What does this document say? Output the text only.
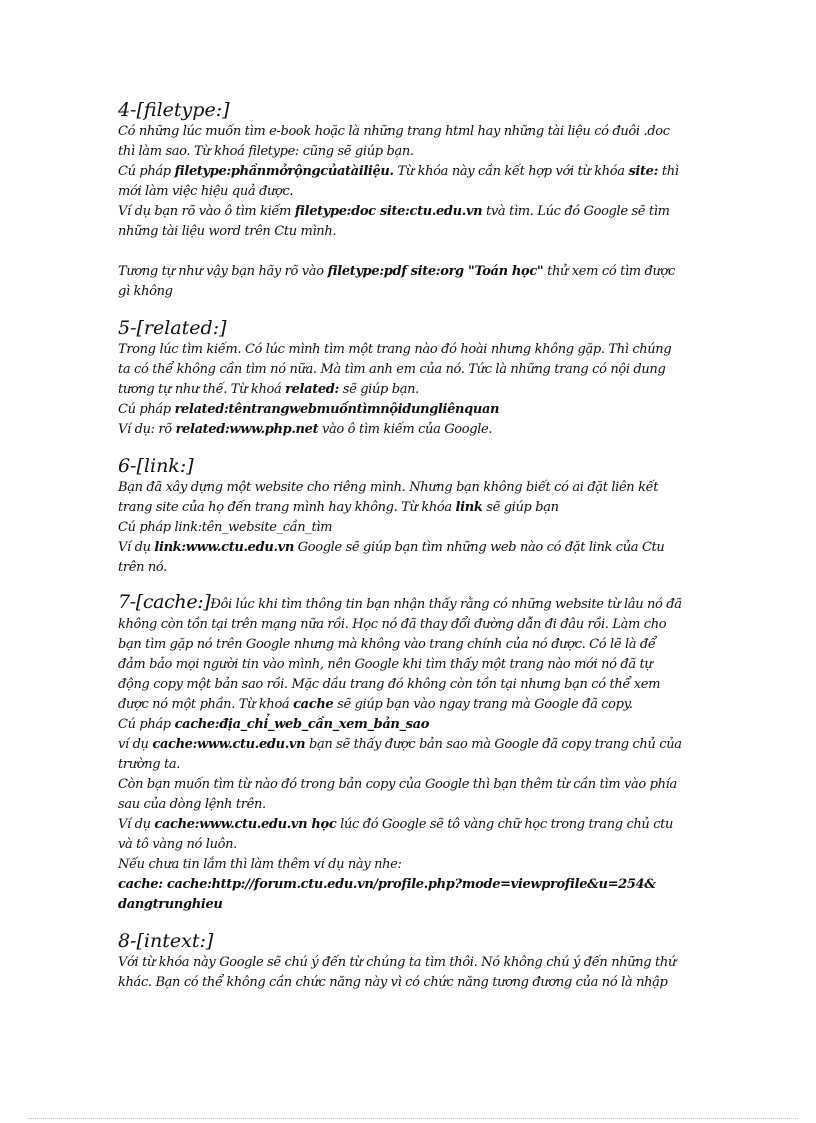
4-[filetype:]

Có những lúc muốn tìm e-book hoặc là những trang html hay những tài liệu có đuôi .doc

thì làm sao. Từ khoá filetype: cũng sẽ giúp bạn.

Cú pháp filetype:phầnmởrộngcủatàiliệu. Từ khóa này cần kết hợp với từ khóa site: thì

mới làm việc hiệu quả được.

Ví dụ bạn rõ vào ô tìm kiếm filetype:doc site:ctu.edu.vn tvà tìm. Lúc đó Google sẽ tìm

những tài liệu word trên Ctu mình.

Tương tự như vậy bạn hãy rõ vào filetype:pdf site:org "Toán học" thử xem có tìm được

gì không

5-[related:]

Trong lúc tìm kiếm. Có lúc mình tìm một trang nào đó hoài nhưng không gặp. Thì chúng

ta có thể không cần tìm nó nữa. Mà tìm anh em của nó. Tức là những trang có nội dung

tương tự như thế. Từ khoá related: sẽ giúp bạn.

Cú pháp related:têntrangwebmuốntìmnộidungliênquan

Ví dụ: rõ related:www.php.net vào ô tìm kiếm của Google.

6-[link:]

Bạn đã xây dựng một website cho riêng mình. Nhưng bạn không biết có ai đặt liên kết

trang site của họ đến trang mình hay không. Từ khóa link sẽ giúp bạn

Cú pháp link:tên_website_cần_tìm

Ví dụ link:www.ctu.edu.vn Google sẽ giúp bạn tìm những web nào có đặt link của Ctu

trên nó.

7-[cache:]Đôi lúc khi tìm thông tin bạn nhận thấy rằng có những website từ lâu nó đã

không còn tồn tại trên mạng nữa rồi. Học nó đã thay đổi đường dẫn đi đâu rồi. Làm cho

bạn tìm gặp nó trên Google nhưng mà không vào trang chính của nó được. Có lẽ là để

đảm bảo mọi người tin vào mình, nên Google khi tìm thấy một trang nào mới nó đã tự

động copy một bản sao rồi. Mặc dầu trang đó không còn tồn tại nhưng bạn có thể xem

được nó một phần. Từ khoá cache sẽ giúp bạn vào ngay trang mà Google đã copy.

Cú pháp cache:địa_chỉ_web_cần_xem_bản_sao

ví dụ cache:www.ctu.edu.vn bạn sẽ thấy được bản sao mà Google đã copy trang chủ của

trường ta.

Còn bạn muốn tìm từ nào đó trong bản copy của Google thì bạn thêm từ cần tìm vào phía

sau của dòng lệnh trên.

Ví dụ cache:www.ctu.edu.vn học lúc đó Google sẽ tô vàng chữ học trong trang chủ ctu

và tô vàng nó luôn.

Nếu chưa tin lắm thì làm thêm ví dụ này nhe:

cache: cache:http://forum.ctu.edu.vn/profile.php?mode=viewprofile&u=254&

dangtrunghieu

8-[intext:]

Với từ khóa này Google sẽ chú ý đến từ chúng ta tìm thôi. Nó không chú ý đến những thứ

khác. Bạn có thể không cần chức năng này vì có chức năng tương đương của nó là nhập
